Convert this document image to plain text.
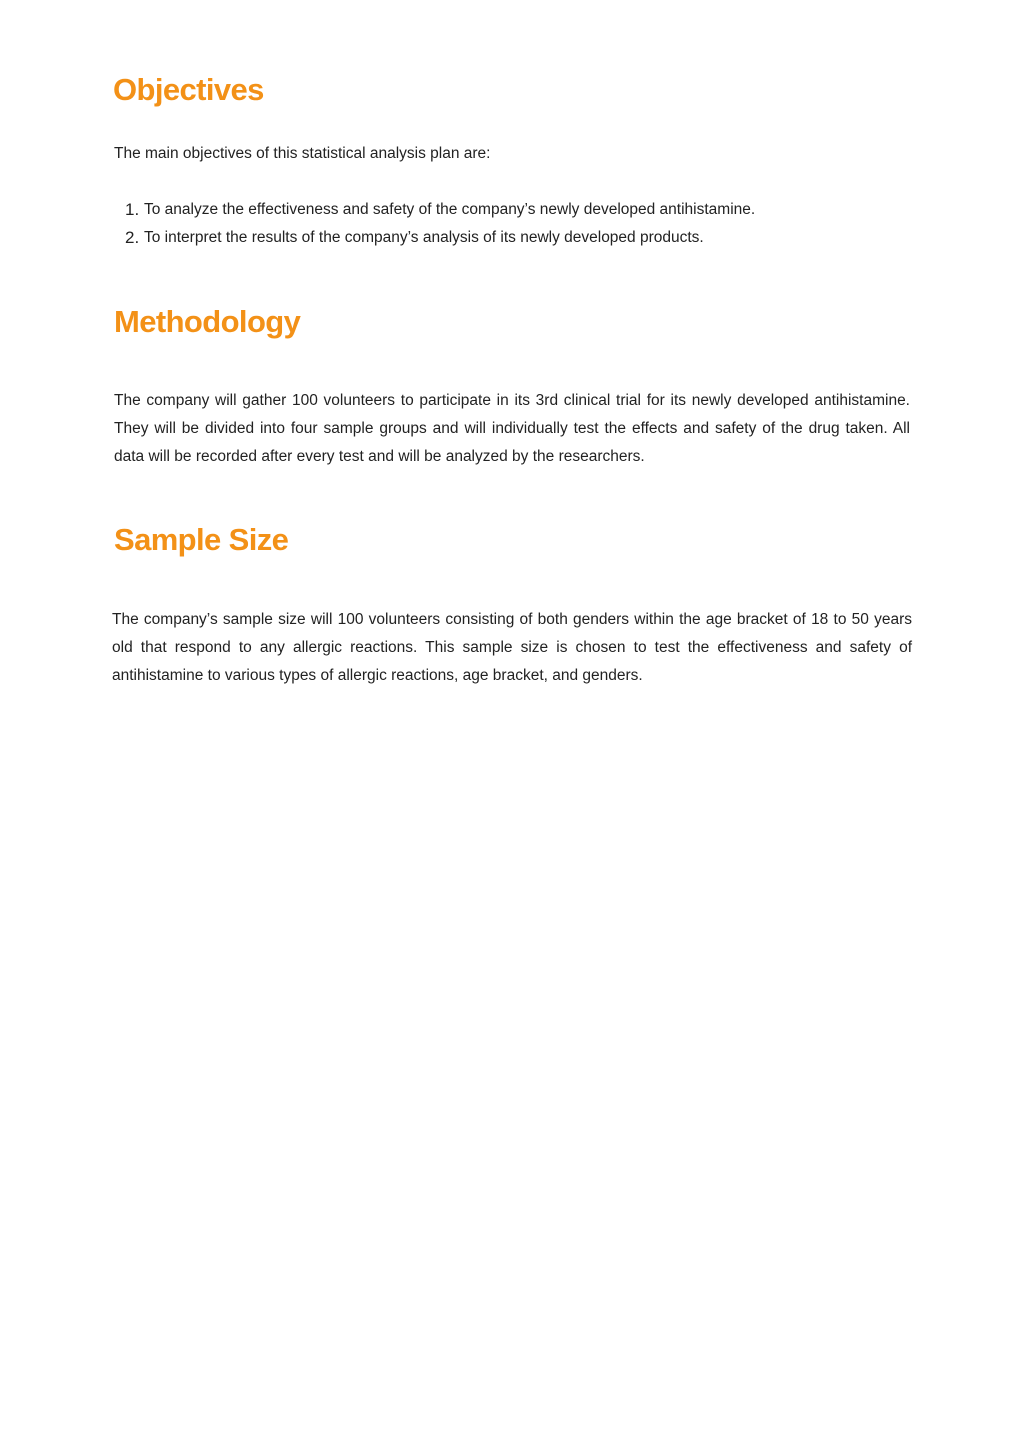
Objectives

The main objectives of this statistical analysis plan are:

1. To analyze the effectiveness and safety of the company’s newly developed antihistamine.
2. To interpret the results of the company’s analysis of its newly developed products.
Methodology

The company will gather 100 volunteers to participate in its 3rd clinical trial for its newly developed antihistamine. They will be divided into four sample groups and will individually test the effects and safety of the drug taken. All data will be recorded after every test and will be analyzed by the researchers.

Sample Size

The company’s sample size will 100 volunteers consisting of both genders within the age bracket of 18 to 50 years old that respond to any allergic reactions. This sample size is chosen to test the effectiveness and safety of antihistamine to various types of allergic reactions, age bracket, and genders.
